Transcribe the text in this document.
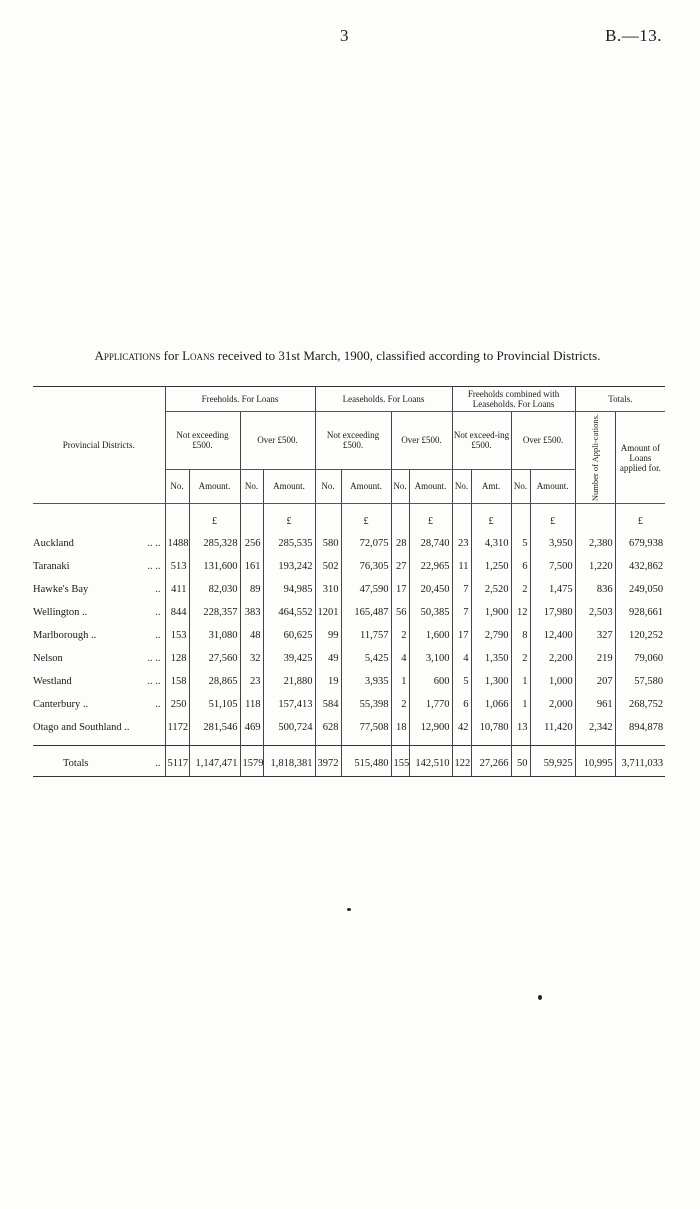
3	B.—13.
Applications for Loans received to 31st March, 1900, classified according to Provincial Districts.
Provincial Districts.	Freeholds. For Loans				Leaseholds. For Loans				Freeholds combined with Leaseholds. For Loans				Totals.	
	Not exceeding £500.		Over £500.		Not exceeding £500.		Over £500.		Not exceed-ing £500.		Over £500.		Number of Appli-cations.	Amount of Loans applied for.
	No.	Amount.	No.	Amount.	No.	Amount.	No.	Amount.	No.	Amt.	No.	Amount.		
		£		£		£		£		£		£		£
Auckland .. ..	1488	285,328	256	285,535	580	72,075	28	28,740	23	4,310	5	3,950	2,380	679,938
Taranaki .. ..	513	131,600	161	193,242	502	76,305	27	22,965	11	1,250	6	7,500	1,220	432,862
Hawke's Bay ..	411	82,030	89	94,985	310	47,590	17	20,450	7	2,520	2	1,475	836	249,050
Wellington .. ..	844	228,357	383	464,552	1201	165,487	56	50,385	7	1,900	12	17,980	2,503	928,661
Marlborough .. ..	153	31,080	48	60,625	99	11,757	2	1,600	17	2,790	8	12,400	327	120,252
Nelson .. ..	128	27,560	32	39,425	49	5,425	4	3,100	4	1,350	2	2,200	219	79,060
Westland .. ..	158	28,865	23	21,880	19	3,935	1	600	5	1,300	1	1,000	207	57,580
Canterbury .. ..	250	51,105	118	157,413	584	55,398	2	1,770	6	1,066	1	2,000	961	268,752
Otago and Southland ..	1172	281,546	469	500,724	628	77,508	18	12,900	42	10,780	13	11,420	2,342	894,878

Totals ..	5117	1,147,471	1579	1,818,381	3972	515,480	155	142,510	122	27,266	50	59,925	10,995	3,711,033
